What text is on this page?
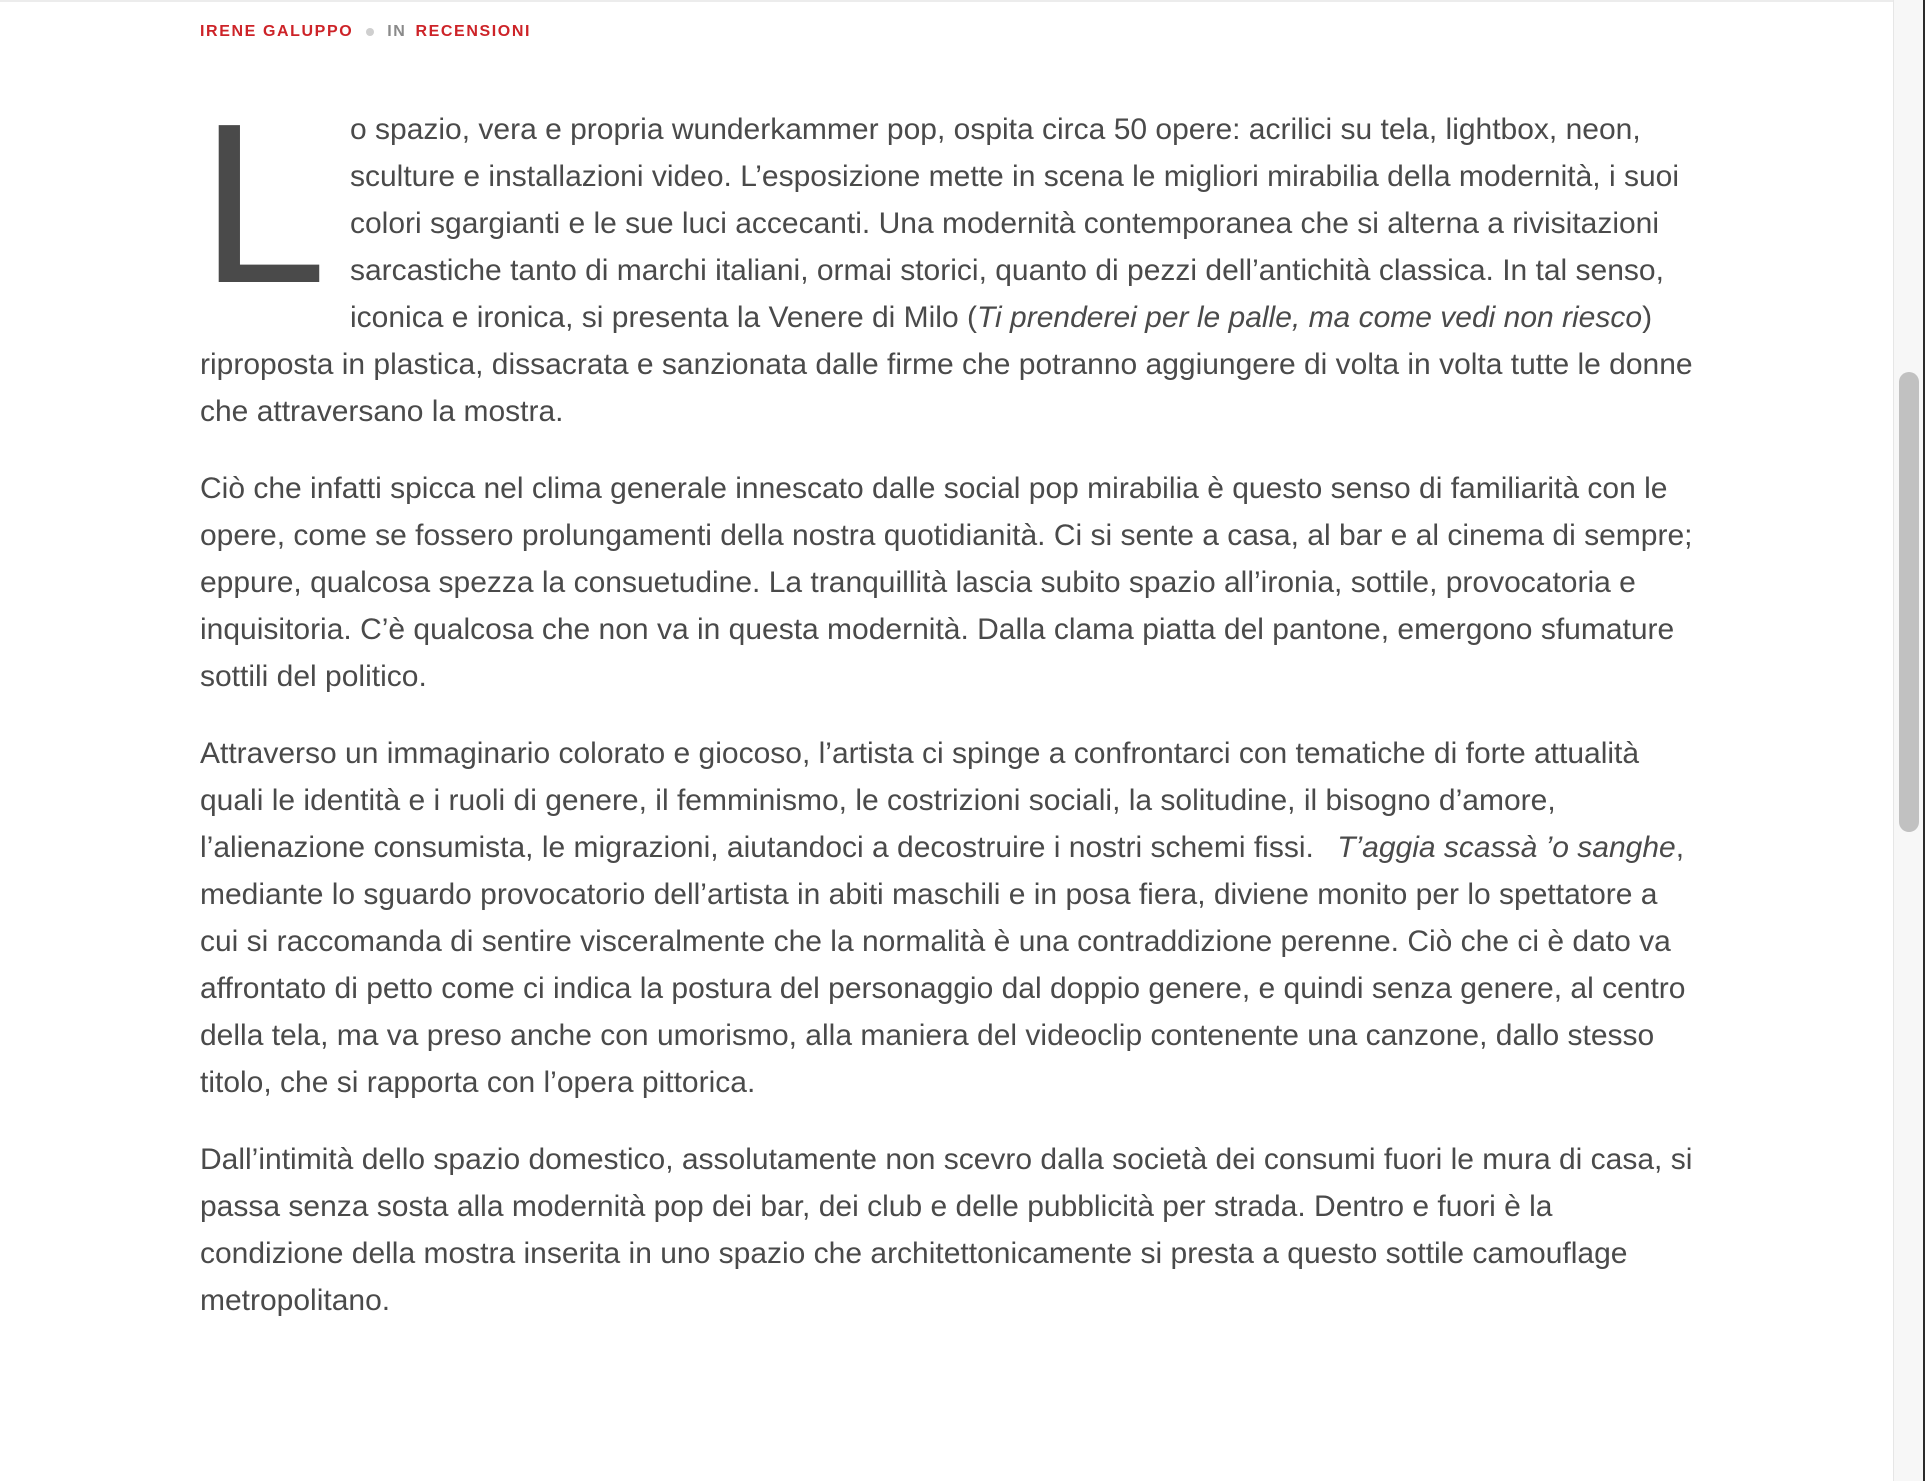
IRENE GALUPPO IN RECENSIONI

Lo spazio, vera e propria wunderkammer pop, ospita circa 50 opere: acrilici su tela, lightbox, neon, sculture e installazioni video. L’esposizione mette in scena le migliori mirabilia della modernità, i suoi colori sgargianti e le sue luci accecanti. Una modernità contemporanea che si alterna a rivisitazioni sarcastiche tanto di marchi italiani, ormai storici, quanto di pezzi dell’antichità classica. In tal senso, iconica e ironica, si presenta la Venere di Milo (Ti prenderei per le palle, ma come vedi non riesco) riproposta in plastica, dissacrata e sanzionata dalle firme che potranno aggiungere di volta in volta tutte le donne che attraversano la mostra.

Ciò che infatti spicca nel clima generale innescato dalle social pop mirabilia è questo senso di familiarità con le opere, come se fossero prolungamenti della nostra quotidianità. Ci si sente a casa, al bar e al cinema di sempre; eppure, qualcosa spezza la consuetudine. La tranquillità lascia subito spazio all’ironia, sottile, provocatoria e inquisitoria. C’è qualcosa che non va in questa modernità. Dalla clama piatta del pantone, emergono sfumature sottili del politico.

Attraverso un immaginario colorato e giocoso, l’artista ci spinge a confrontarci con tematiche di forte attualità quali le identità e i ruoli di genere, il femminismo, le costrizioni sociali, la solitudine, il bisogno d’amore, l’alienazione consumista, le migrazioni, aiutandoci a decostruire i nostri schemi fissi.  T’aggia scassà ’o sanghe, mediante lo sguardo provocatorio dell’artista in abiti maschili e in posa fiera, diviene monito per lo spettatore a cui si raccomanda di sentire visceralmente che la normalità è una contraddizione perenne. Ciò che ci è dato va affrontato di petto come ci indica la postura del personaggio dal doppio genere, e quindi senza genere, al centro della tela, ma va preso anche con umorismo, alla maniera del videoclip contenente una canzone, dallo stesso titolo, che si rapporta con l’opera pittorica.

Dall’intimità dello spazio domestico, assolutamente non scevro dalla società dei consumi fuori le mura di casa, si passa senza sosta alla modernità pop dei bar, dei club e delle pubblicità per strada. Dentro e fuori è la condizione della mostra inserita in uno spazio che architettonicamente si presta a questo sottile camouflage metropolitano.
